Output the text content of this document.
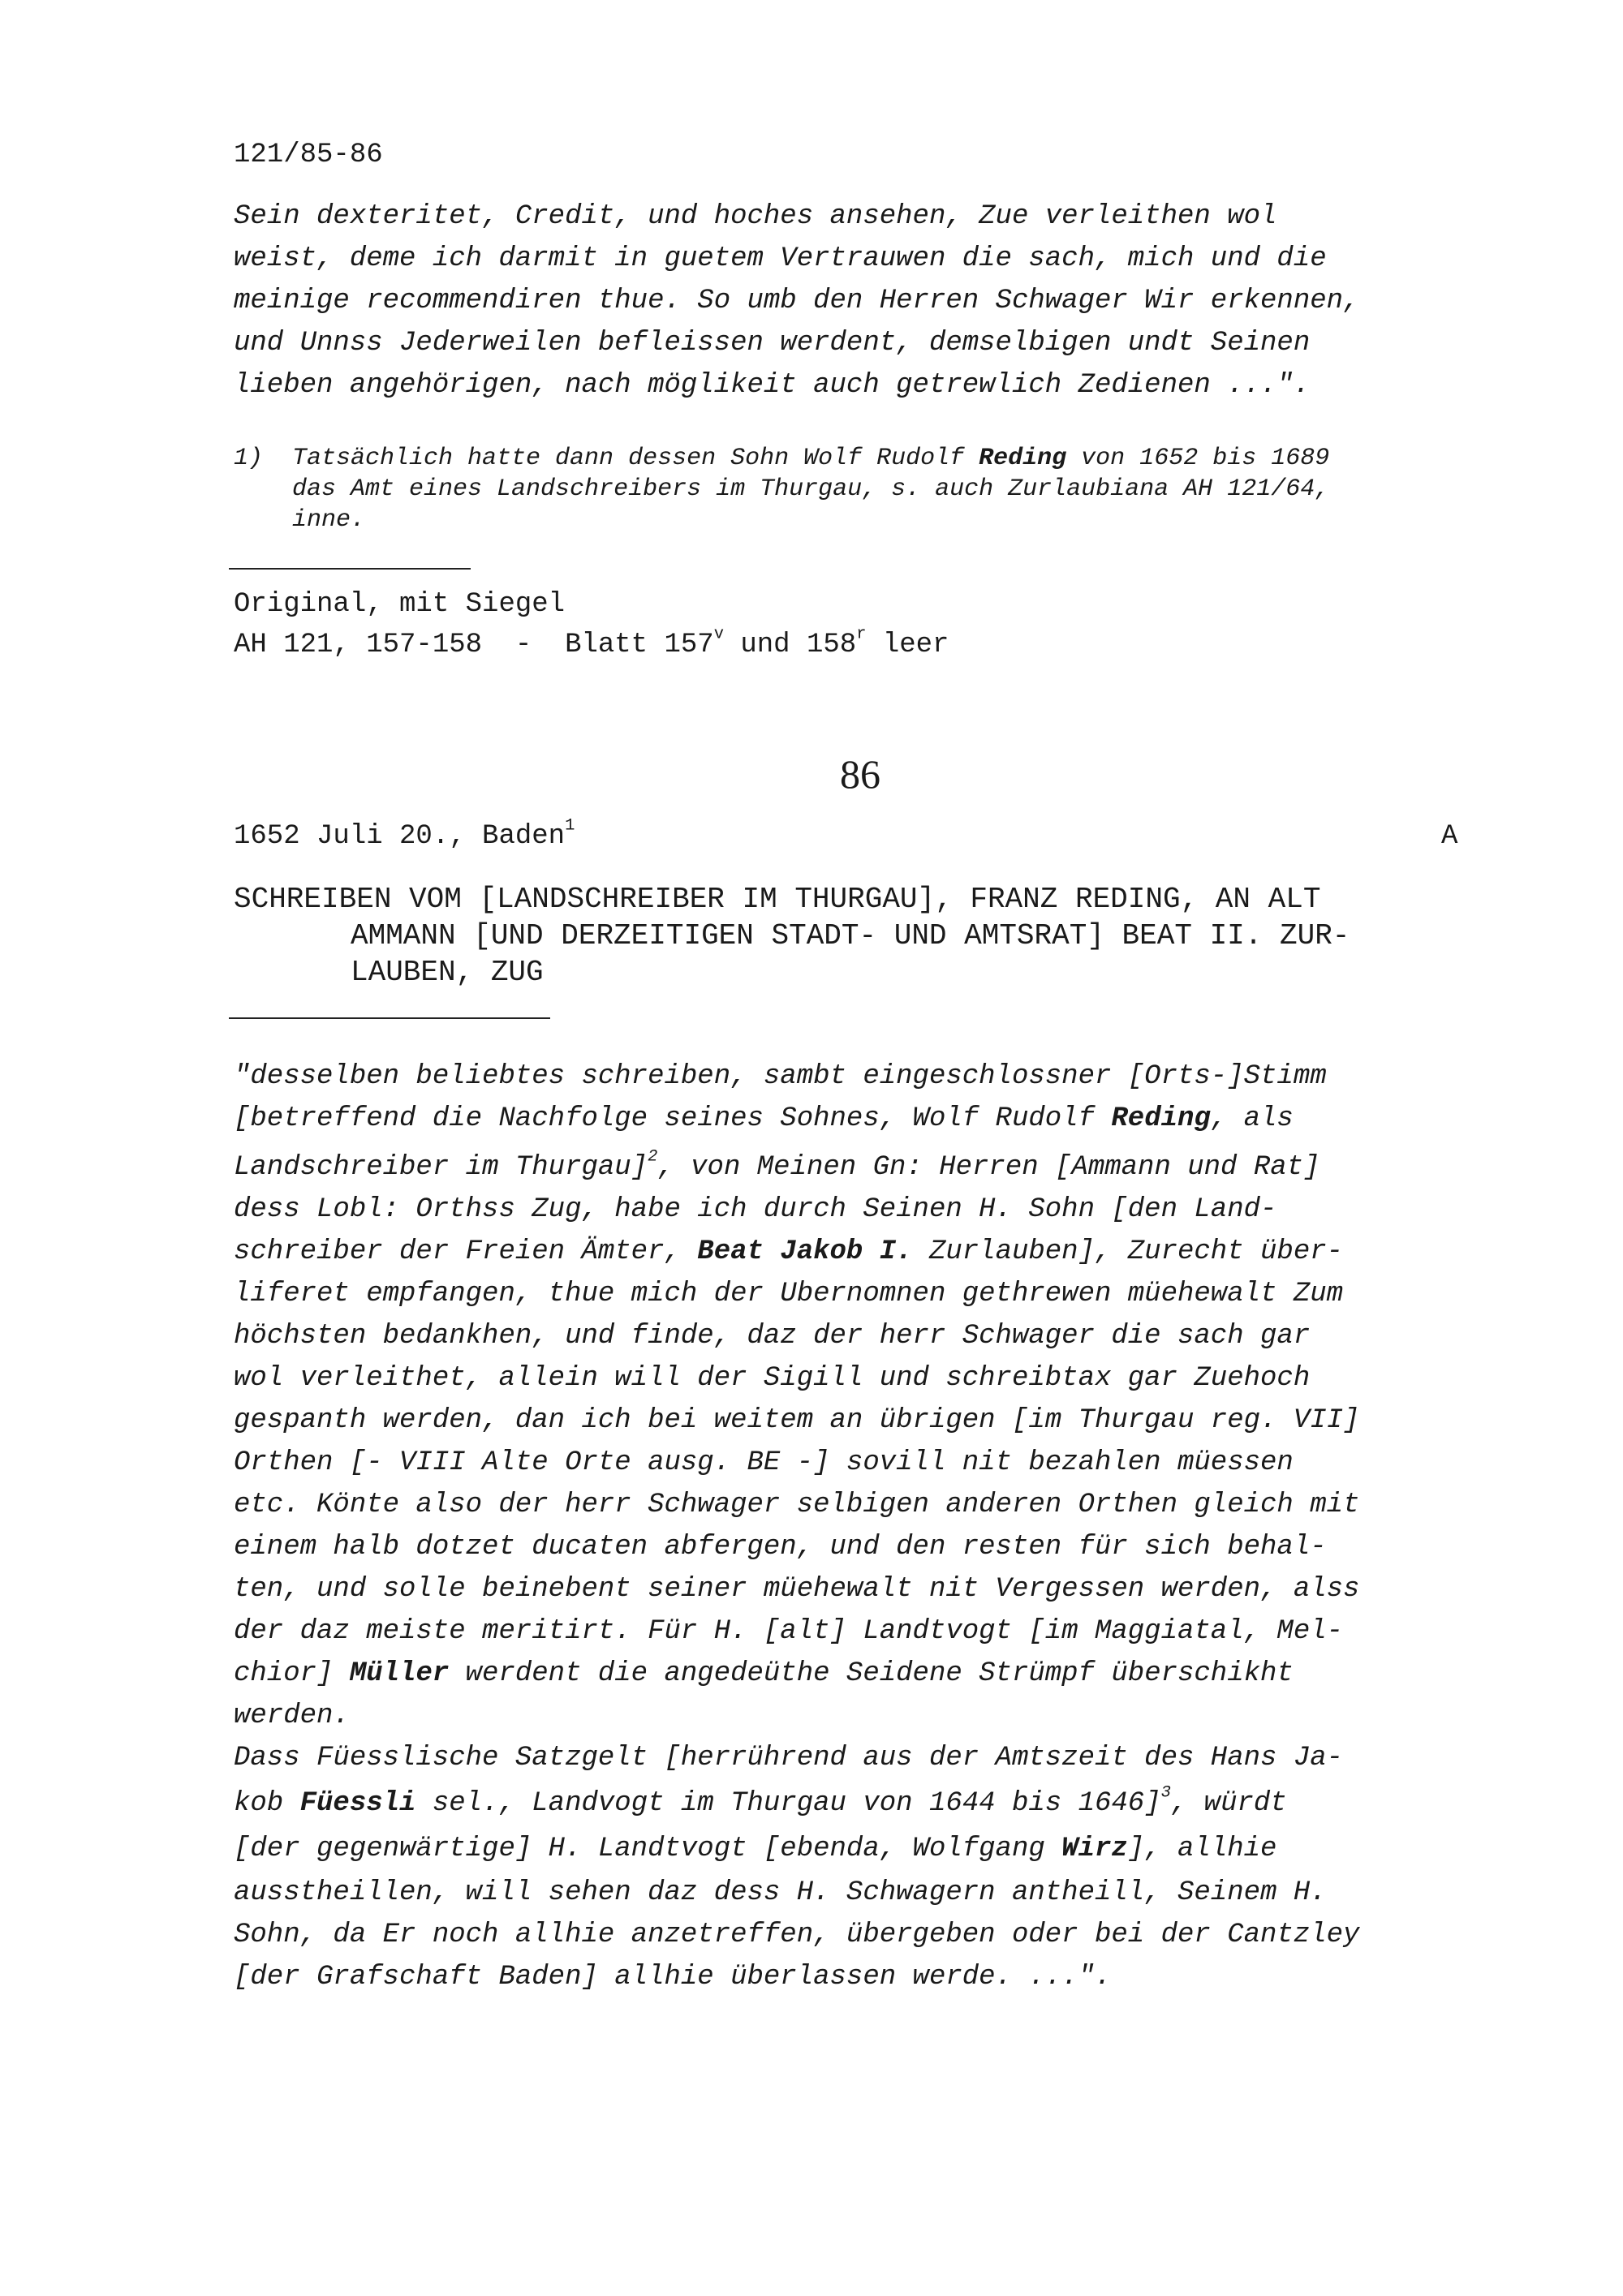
121/85-86
Sein dexteritet, Credit, und hoches ansehen, Zue verleithen wol
weist, deme ich darmit in guetem Vertrauwen die sach, mich und die
meinige recommendiren thue. So umb den Herren Schwager Wir erkennen,
und Unnss Jederweilen befleissen werdent, demselbigen undt Seinen
lieben angehörigen, nach möglikeit auch getrewlich Zedienen ...".
1) Tatsächlich hatte dann dessen Sohn Wolf Rudolf Reding von 1652 bis 1689
das Amt eines Landschreibers im Thurgau, s. auch Zurlaubiana AH 121/64,
inne.
Original, mit Siegel
AH 121, 157-158  -  Blatt 157$^v$ und 158$^r$ leer
86
1652 Juli 20., Baden$^1$	A
SCHREIBEN VOM [LANDSCHREIBER IM THURGAU], FRANZ REDING, AN ALT
AMMANN [UND DERZEITIGEN STADT- UND AMTSRAT] BEAT II. ZUR-
LAUBEN, ZUG
"desselben beliebtes schreiben, sambt eingeschlossner [Orts-]Stimm
[betreffend die Nachfolge seines Sohnes, Wolf Rudolf Reding, als
Landschreiber im Thurgau]$^2$, von Meinen Gn: Herren [Ammann und Rat]
dess Lobl: Orthss Zug, habe ich durch Seinen H. Sohn [den Land-
schreiber der Freien Ämter, Beat Jakob I. Zurlauben], Zurecht über-
liferet empfangen, thue mich der Ubernomnen gethrewen müehewalt Zum
höchsten bedankhen, und finde, daz der herr Schwager die sach gar
wol verleithet, allein will der Sigill und schreibtax gar Zuehoch
gespanth werden, dan ich bei weitem an übrigen [im Thurgau reg. VII]
Orthen [- VIII Alte Orte ausg. BE -] sovill nit bezahlen müessen
etc. Könte also der herr Schwager selbigen anderen Orthen gleich mit
einem halb dotzet ducaten abfergen, und den resten für sich behal-
ten, und solle beinebent seiner müehewalt nit Vergessen werden, alss
der daz meiste meritirt. Für H. [alt] Landtvogt [im Maggiatal, Mel-
chior] Müller werdent die angedeüthe Seidene Strümpf überschikht
werden.
Dass Füesslische Satzgelt [herrührend aus der Amtszeit des Hans Ja-
kob Füessli sel., Landvogt im Thurgau von 1644 bis 1646]$^3$, würdt
[der gegenwärtige] H. Landtvogt [ebenda, Wolfgang Wirz], allhie
ausstheillen, will sehen daz dess H. Schwagern antheill, Seinem H.
Sohn, da Er noch allhie anzetreffen, übergeben oder bei der Cantzley
[der Grafschaft Baden] allhie überlassen werde. ...".
